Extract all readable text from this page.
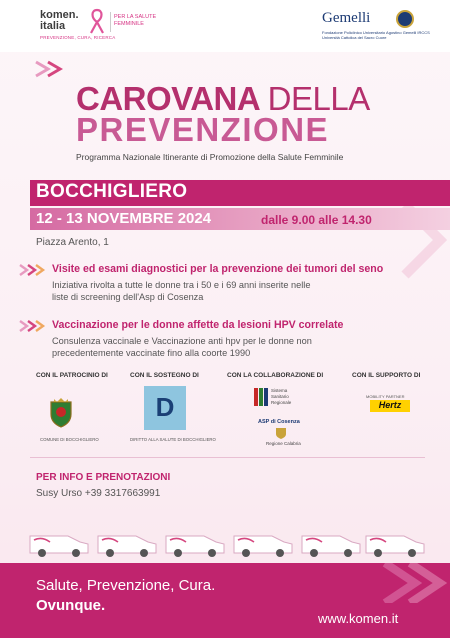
komen.
italia
PREVENZIONE, CURA, RICERCA
PER LA SALUTE FEMMINILE	Gemelli
Fondazione Policlinico Universitario Agostino Gemelli IRCCS Università Cattolica del Sacro Cuore
CAROVANA DELLA
PREVENZIONE
Programma Nazionale Itinerante di Promozione della Salute Femminile
BOCCHIGLIERO
12 - 13 NOVEMBRE 2024	dalle 9.00 alle 14.30
Piazza Arento, 1
Visite ed esami diagnostici per la prevenzione dei tumori del seno
Iniziativa rivolta a tutte le donne tra i 50 e i 69 anni inserite nelle
liste di screening dell'Asp di Cosenza
Vaccinazione per le donne affette da lesioni HPV correlate
Consulenza vaccinale e Vaccinazione anti hpv per le donne non
precedentemente vaccinate fino alla coorte 1990
CON IL PATROCINIO DI	CON IL SOSTEGNO DI	CON LA COLLABORAZIONE DI	CON IL SUPPORTO DI
COMUNE DI BOCCHIGLIERO
D
DIRITTO ALLA SALUTE DI BOCCHIGLIERO
Sistema
Sanitario
Regionale
ASP di Cosenza
Regione Calabria
MOBILITY PARTNER
Hertz
PER INFO E PRENOTAZIONI
Susy Urso +39 3317663991
Salute, Prevenzione, Cura.
Ovunque.
www.komen.it
